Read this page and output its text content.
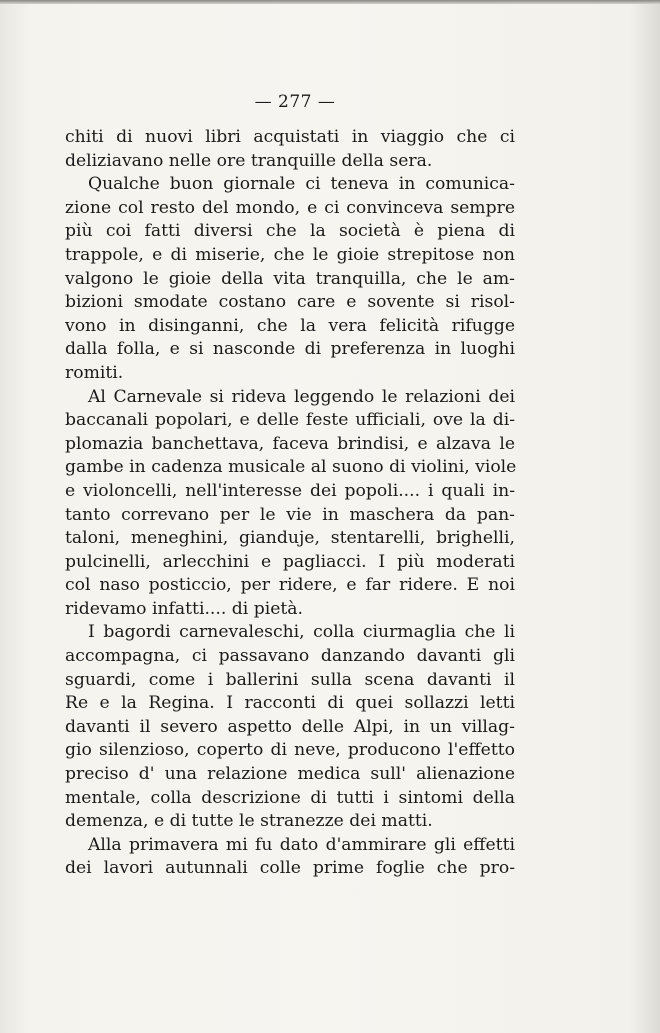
— 277 —
chiti di nuovi libri acquistati in viaggio che ci
deliziavano nelle ore tranquille della sera.
Qualche buon giornale ci teneva in comunica-
zione col resto del mondo, e ci convinceva sempre
più coi fatti diversi che la società è piena di
trappole, e di miserie, che le gioie strepitose non
valgono le gioie della vita tranquilla, che le am-
bizioni smodate costano care e sovente si risol-
vono in disinganni, che la vera felicità rifugge
dalla folla, e si nasconde di preferenza in luoghi
romiti.
Al Carnevale si rideva leggendo le relazioni dei
baccanali popolari, e delle feste ufficiali, ove la di-
plomazia banchettava, faceva brindisi, e alzava le
gambe in cadenza musicale al suono di violini, viole
e violoncelli, nell'interesse dei popoli.... i quali in-
tanto correvano per le vie in maschera da pan-
taloni, meneghini, gianduje, stentarelli, brighelli,
pulcinelli, arlecchini e pagliacci. I più moderati
col naso posticcio, per ridere, e far ridere. E noi
ridevamo infatti.... di pietà.
I bagordi carnevaleschi, colla ciurmaglia che li
accompagna, ci passavano danzando davanti gli
sguardi, come i ballerini sulla scena davanti il
Re e la Regina. I racconti di quei sollazzi letti
davanti il severo aspetto delle Alpi, in un villag-
gio silenzioso, coperto di neve, producono l'effetto
preciso d' una relazione medica sull' alienazione
mentale, colla descrizione di tutti i sintomi della
demenza, e di tutte le stranezze dei matti.
Alla primavera mi fu dato d'ammirare gli effetti
dei lavori autunnali colle prime foglie che pro-
